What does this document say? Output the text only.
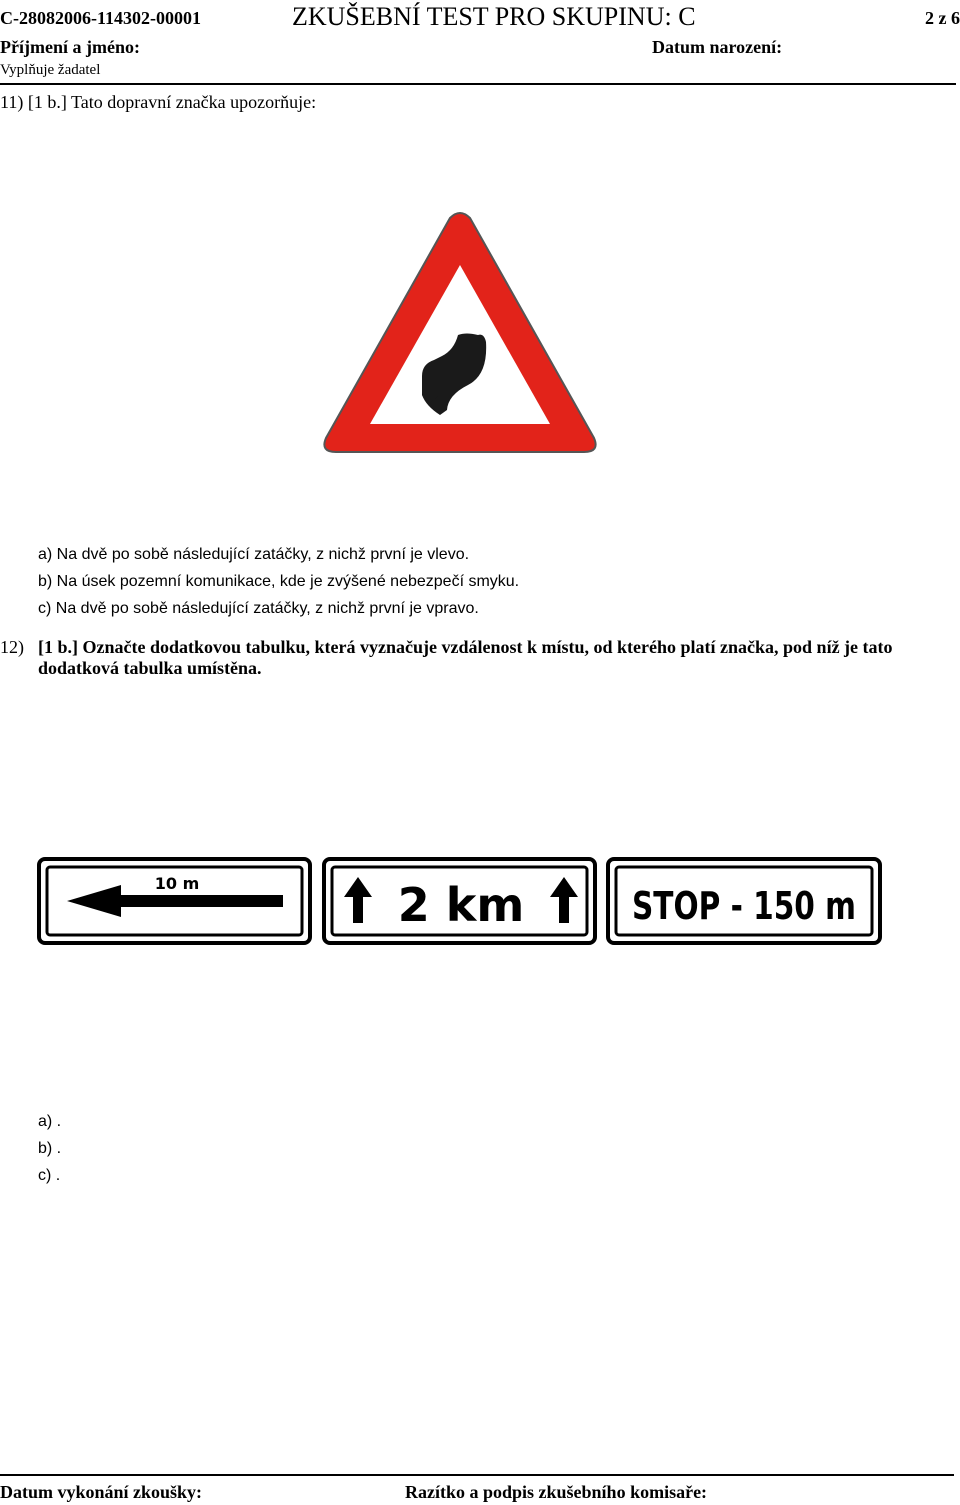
C-28082006-114302-00001	ZKUŠEBNÍ TEST PRO SKUPINU: C	2 z 6
Příjmení a jméno:	Datum narození:
Vyplňuje žadatel
11) [1 b.] Tato dopravní značka upozorňuje:
a) Na dvě po sobě následující zatáčky, z nichž první je vlevo.
b) Na úsek pozemní komunikace, kde je zvýšené nebezpečí smyku.
c) Na dvě po sobě následující zatáčky, z nichž první je vpravo.
12) [1 b.] Označte dodatkovou tabulku, která vyznačuje vzdálenost k místu, od kterého platí značka, pod níž je tato dodatková tabulka umístěna.
10 m	2 km	STOP - 150 m
a) .
b) .
c) .
Datum vykonání zkoušky:	Razítko a podpis zkušebního komisaře:
